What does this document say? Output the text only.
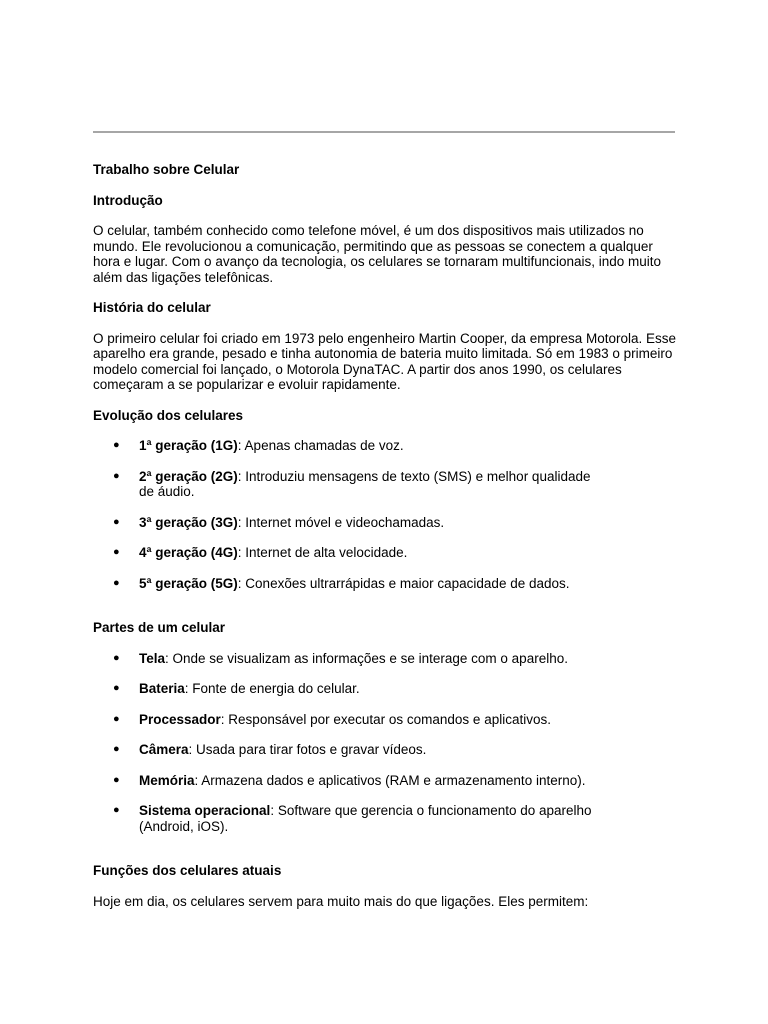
Trabalho sobre Celular

Introdução

O celular, também conhecido como telefone móvel, é um dos dispositivos mais utilizados no mundo. Ele revolucionou a comunicação, permitindo que as pessoas se conectem a qualquer hora e lugar. Com o avanço da tecnologia, os celulares se tornaram multifuncionais, indo muito além das ligações telefônicas.

História do celular

O primeiro celular foi criado em 1973 pelo engenheiro Martin Cooper, da empresa Motorola. Esse aparelho era grande, pesado e tinha autonomia de bateria muito limitada. Só em 1983 o primeiro modelo comercial foi lançado, o Motorola DynaTAC. A partir dos anos 1990, os celulares começaram a se popularizar e evoluir rapidamente.

Evolução dos celulares

● 1ª geração (1G): Apenas chamadas de voz.
● 2ª geração (2G): Introduziu mensagens de texto (SMS) e melhor qualidade de áudio.
● 3ª geração (3G): Internet móvel e videochamadas.
● 4ª geração (4G): Internet de alta velocidade.
● 5ª geração (5G): Conexões ultrarrápidas e maior capacidade de dados.

Partes de um celular

● Tela: Onde se visualizam as informações e se interage com o aparelho.
● Bateria: Fonte de energia do celular.
● Processador: Responsável por executar os comandos e aplicativos.
● Câmera: Usada para tirar fotos e gravar vídeos.
● Memória: Armazena dados e aplicativos (RAM e armazenamento interno).
● Sistema operacional: Software que gerencia o funcionamento do aparelho (Android, iOS).

Funções dos celulares atuais

Hoje em dia, os celulares servem para muito mais do que ligações. Eles permitem:
